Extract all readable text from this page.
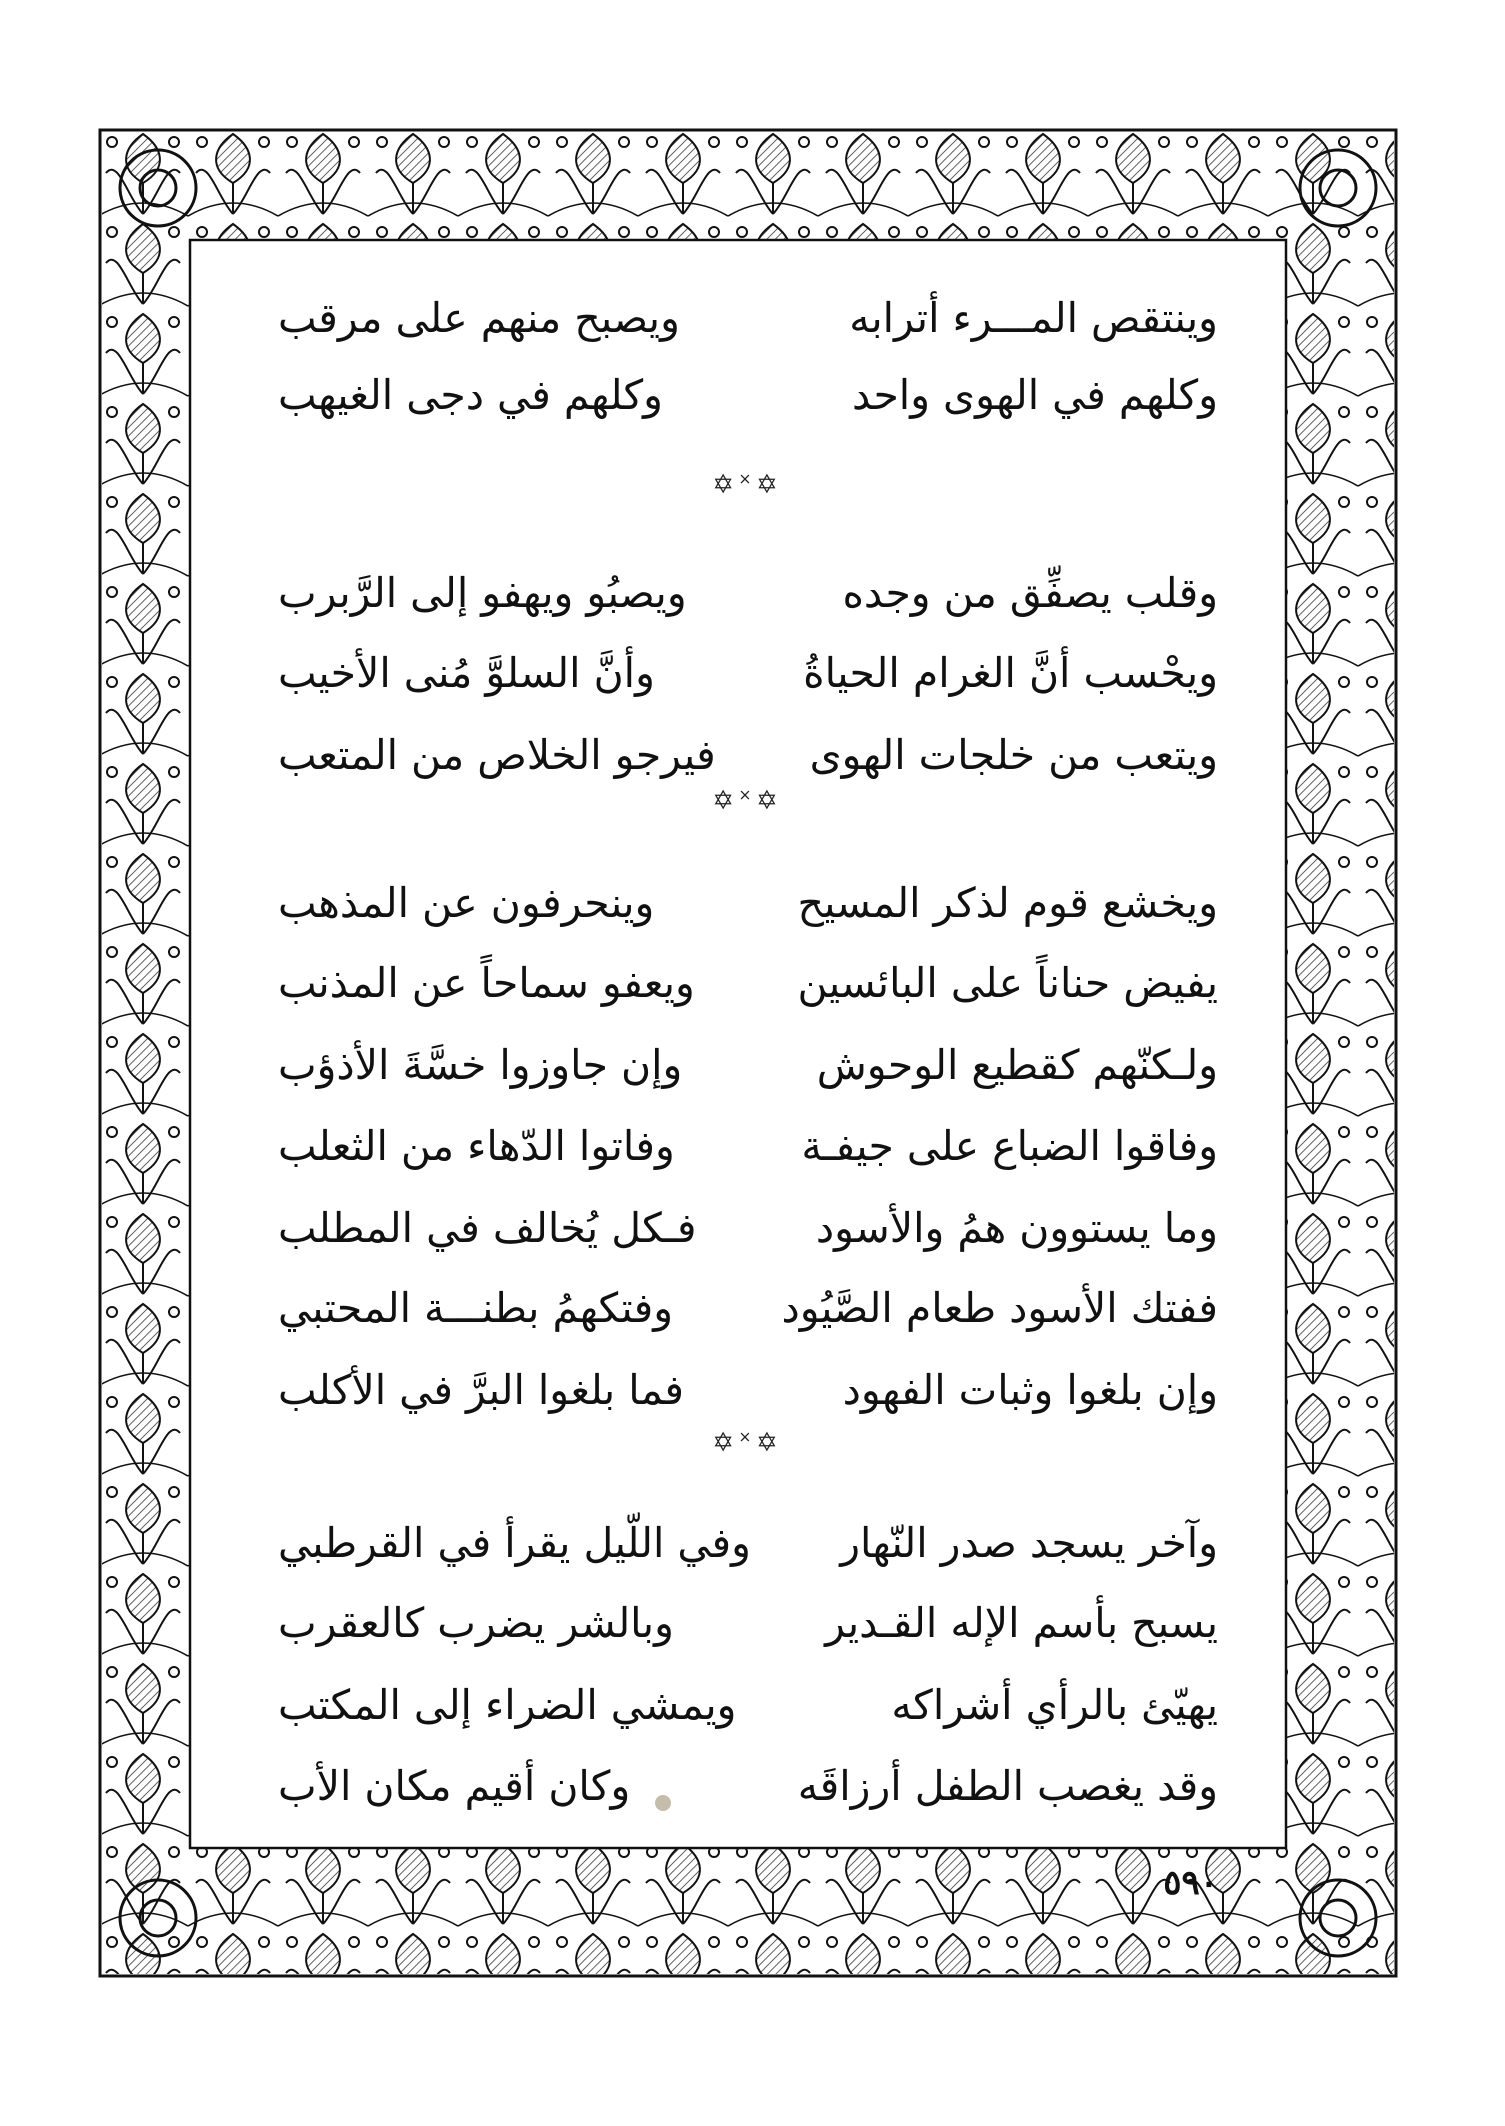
وينتقص المـــرء أترابه
ويصبح منهم على مرقب
وكلهم في الهوى واحد
وكلهم في دجى الغيهب
✡˟✡
وقلب يصفِّق من وجده
ويصبُو ويهفو إلى الرَّبرب
ويحْسب أنَّ الغرام الحياةُ
وأنَّ السلوَّ مُنى الأخيب
ويتعب من خلجات الهوى
فيرجو الخلاص من المتعب
✡˟✡
ويخشع قوم لذكر المسيح
وينحرفون عن المذهب
يفيض حناناً على البائسين
ويعفو سماحاً عن المذنب
ولـكنّهم كقطيع الوحوش
وإن جاوزوا خسَّةَ الأذؤب
وفاقوا الضباع على جيفـة
وفاتوا الدّهاء من الثعلب
وما يستوون همُ والأسود
فـكل يُخالف في المطلب
ففتك الأسود طعام الصَّيُود
وفتكهمُ بطنـــة المحتبي
وإن بلغوا وثبات الفهود
فما بلغوا البرَّ في الأكلب
✡˟✡
وآخر يسجد صدر النّهار
وفي اللّيل يقرأ في القرطبي
يسبح بأسم الإله القـدير
وبالشر يضرب كالعقرب
يهيّئ بالرأي أشراكه
ويمشي الضراء إلى المكتب
وقد يغصب الطفل أرزاقَه
وكان أقيم مكان الأب
٥٩٠
